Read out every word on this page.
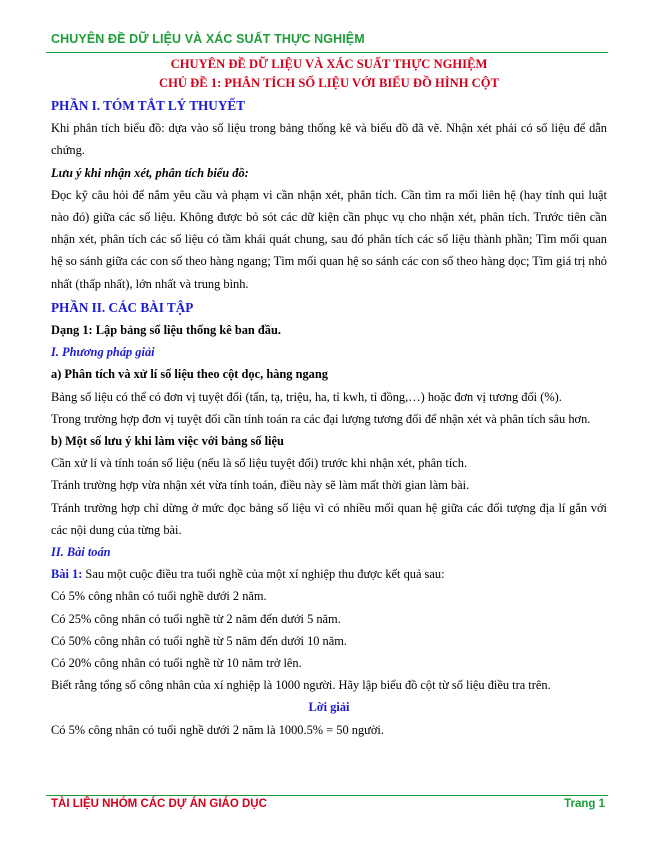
CHUYÊN ĐỀ DỮ LIỆU VÀ XÁC SUẤT THỰC NGHIỆM

CHUYÊN ĐỀ DỮ LIỆU VÀ XÁC SUẤT THỰC NGHIỆM

CHỦ ĐỀ 1: PHÂN TÍCH SỐ LIỆU VỚI BIỂU ĐỒ HÌNH CỘT

PHẦN I. TÓM TẮT LÝ THUYẾT

Khi phân tích biểu đồ: dựa vào số liệu trong bảng thống kê và biểu đồ đã vẽ. Nhận xét phải có số liệu để dẫn chứng.

Lưu ý khi nhận xét, phân tích biểu đồ:

Đọc kỹ câu hỏi để nắm yêu cầu và phạm vi cần nhận xét, phân tích. Cần tìm ra mối liên hệ (hay tính qui luật nào đó) giữa các số liệu. Không được bỏ sót các dữ kiện cần phục vụ cho nhận xét, phân tích. Trước tiên cần nhận xét, phân tích các số liệu có tầm khái quát chung, sau đó phân tích các số liệu thành phần; Tìm mối quan hệ so sánh giữa các con số theo hàng ngang; Tìm mối quan hệ so sánh các con số theo hàng dọc; Tìm giá trị nhỏ nhất (thấp nhất), lớn nhất và trung bình.

PHẦN II. CÁC BÀI TẬP

Dạng 1: Lập bảng số liệu thống kê ban đầu.

I. Phương pháp giải

a) Phân tích và xử lí số liệu theo cột dọc, hàng ngang

Bảng số liệu có thể có đơn vị tuyệt đối (tấn, tạ, triệu, ha, tỉ kwh, tỉ đồng,…) hoặc đơn vị tương đối (%).

Trong trường hợp đơn vị tuyệt đối cần tính toán ra các đại lượng tương đối để nhận xét và phân tích sâu hơn.

b) Một số lưu ý khi làm việc với bảng số liệu

Cần xử lí và tính toán số liệu (nếu là số liệu tuyệt đối) trước khi nhận xét, phân tích.

Tránh trường hợp vừa nhận xét vừa tính toán, điều này sẽ làm mất thời gian làm bài.

Tránh trường hợp chỉ dừng ở mức đọc bảng số liệu vì có nhiều mối quan hệ giữa các đối tượng địa lí gắn với các nội dung của từng bài.

II. Bài toán

Bài 1: Sau một cuộc điều tra tuổi nghề của một xí nghiệp thu được kết quả sau:

Có 5% công nhân có tuổi nghề dưới 2 năm.

Có 25% công nhân có tuổi nghề từ 2 năm đến dưới 5 năm.

Có 50% công nhân có tuổi nghề từ 5 năm đến dưới 10 năm.

Có 20% công nhân có tuổi nghề từ 10 năm trở lên.

Biết rằng tổng số công nhân của xí nghiệp là 1000 người. Hãy lập biểu đồ cột từ số liệu điều tra trên.

Lời giải

Có 5% công nhân có tuổi nghề dưới 2 năm là 1000.5% = 50 người.

TÀI LIỆU NHÓM CÁC DỰ ÁN GIÁO DỤC	Trang 1
